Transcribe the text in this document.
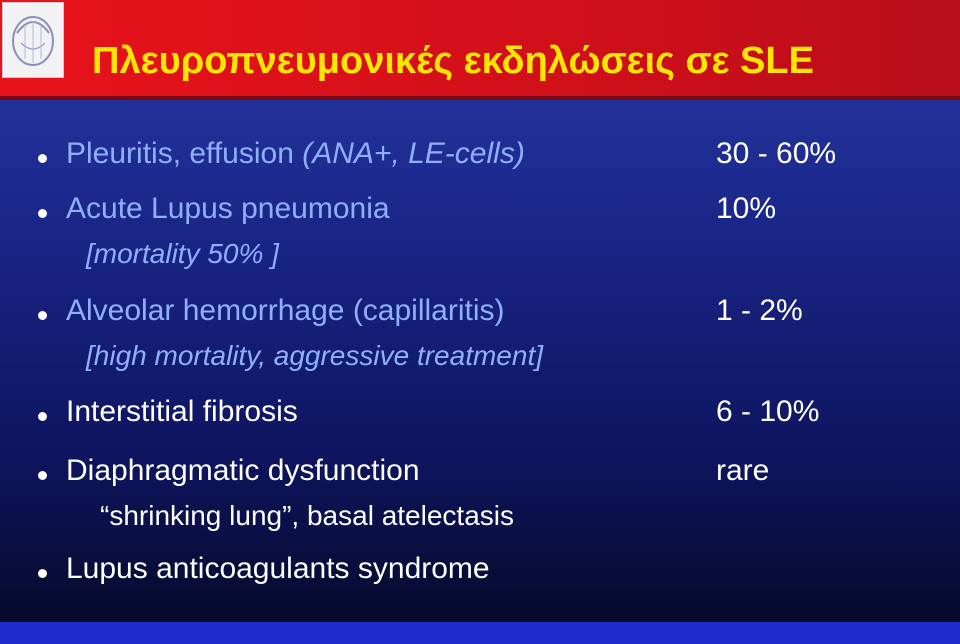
Πλευροπνευμονικές εκδηλώσεις σε SLE
Pleuritis, effusion (ANA+, LE-cells)	30 - 60%
Acute Lupus pneumonia	10%
[mortality 50% ]
Alveolar hemorrhage (capillaritis)	1 - 2%
[high mortality, aggressive treatment]
Interstitial fibrosis	6 - 10%
Diaphragmatic dysfunction	rare
“shrinking lung”, basal atelectasis
Lupus anticoagulants syndrome
